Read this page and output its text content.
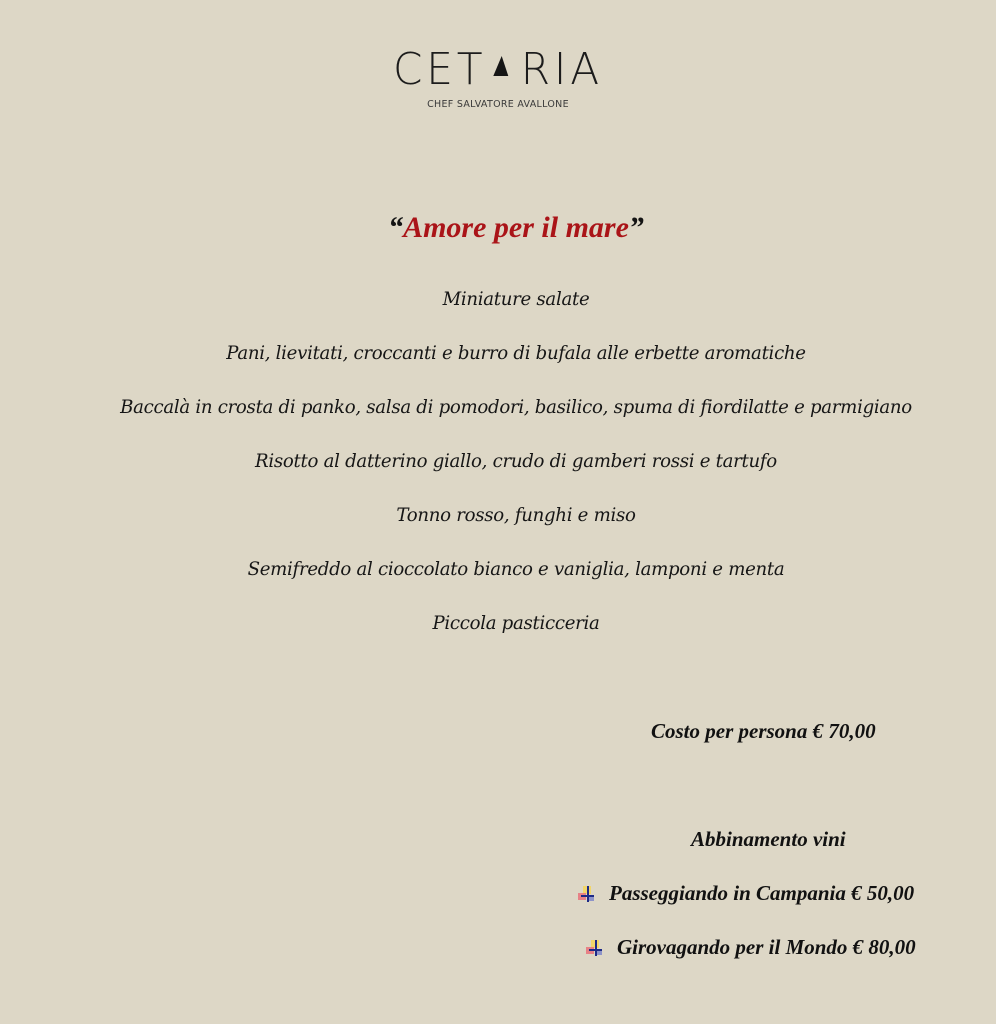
CET RIA
CHEF SALVATORE AVALLONE
“Amore per il mare”
Miniature salate
Pani, lievitati, croccanti e burro di bufala alle erbette aromatiche
Baccalà in crosta di panko, salsa di pomodori, basilico, spuma di fiordilatte e parmigiano
Risotto al datterino giallo, crudo di gamberi rossi e tartufo
Tonno rosso, funghi e miso
Semifreddo al cioccolato bianco e vaniglia, lamponi e menta
Piccola pasticceria
Costo per persona € 70,00
Abbinamento vini
Passeggiando in Campania € 50,00
Girovagando per il Mondo € 80,00
